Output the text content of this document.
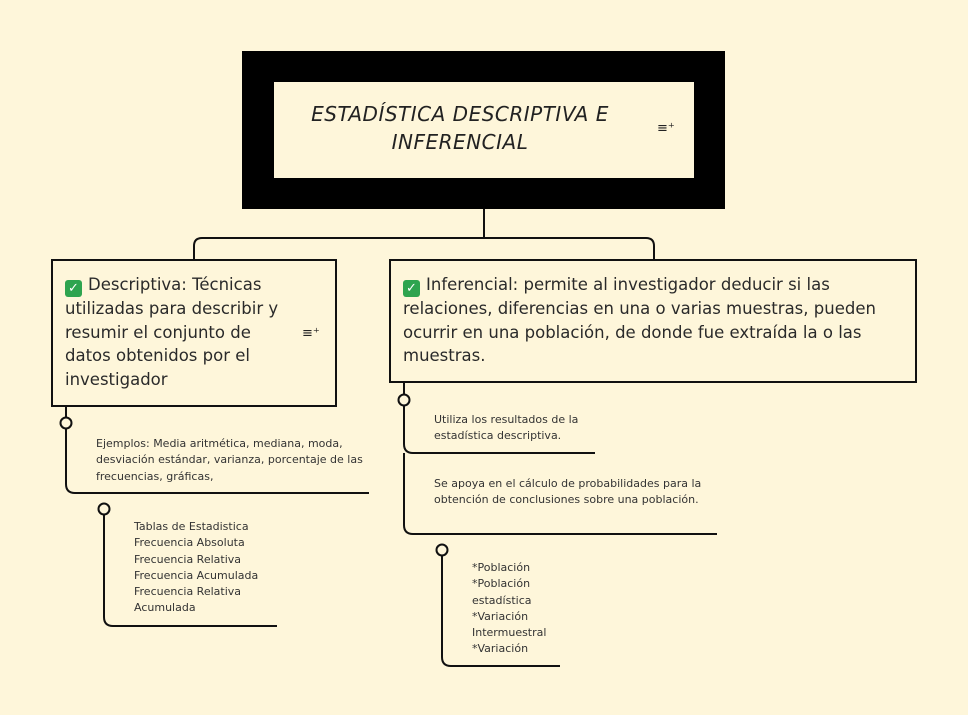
ESTADÍSTICA DESCRIPTIVA E
INFERENCIAL
≡⁺
✓ Descriptiva: Técnicas utilizadas para describir y resumir el conjunto de datos obtenidos por el investigador
≡⁺
✓ Inferencial: permite al investigador deducir si las relaciones, diferencias en una o varias muestras, pueden ocurrir en una población, de donde fue extraída la o las muestras.
Ejemplos: Media aritmética, mediana, moda, desviación estándar, varianza, porcentaje de las frecuencias, gráficas,
Tablas de Estadistica Frecuencia Absoluta Frecuencia Relativa Frecuencia Acumulada Frecuencia Relativa Acumulada
Utiliza los resultados de la estadística descriptiva.
Se apoya en el cálculo de probabilidades para la obtención de conclusiones sobre una población.
*Población *Población estadística *Variación Intermuestral *Variación
